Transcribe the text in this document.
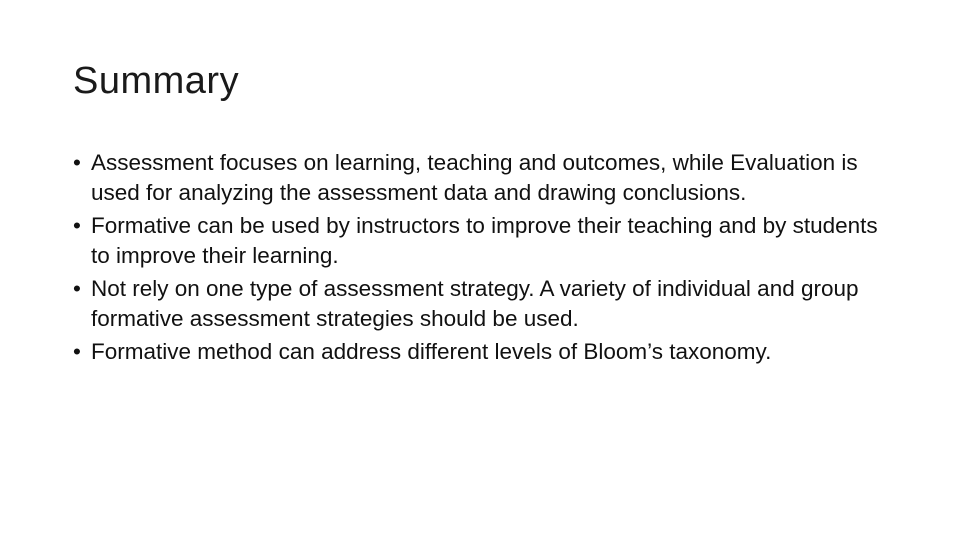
Summary
• Assessment focuses on learning, teaching and outcomes, while Evaluation is used for analyzing the assessment data and drawing conclusions.
• Formative can be used by instructors to improve their teaching and by students to improve their learning.
• Not rely on one type of assessment strategy. A variety of individual and group formative assessment strategies should be used.
• Formative method can address different levels of Bloom’s taxonomy.
